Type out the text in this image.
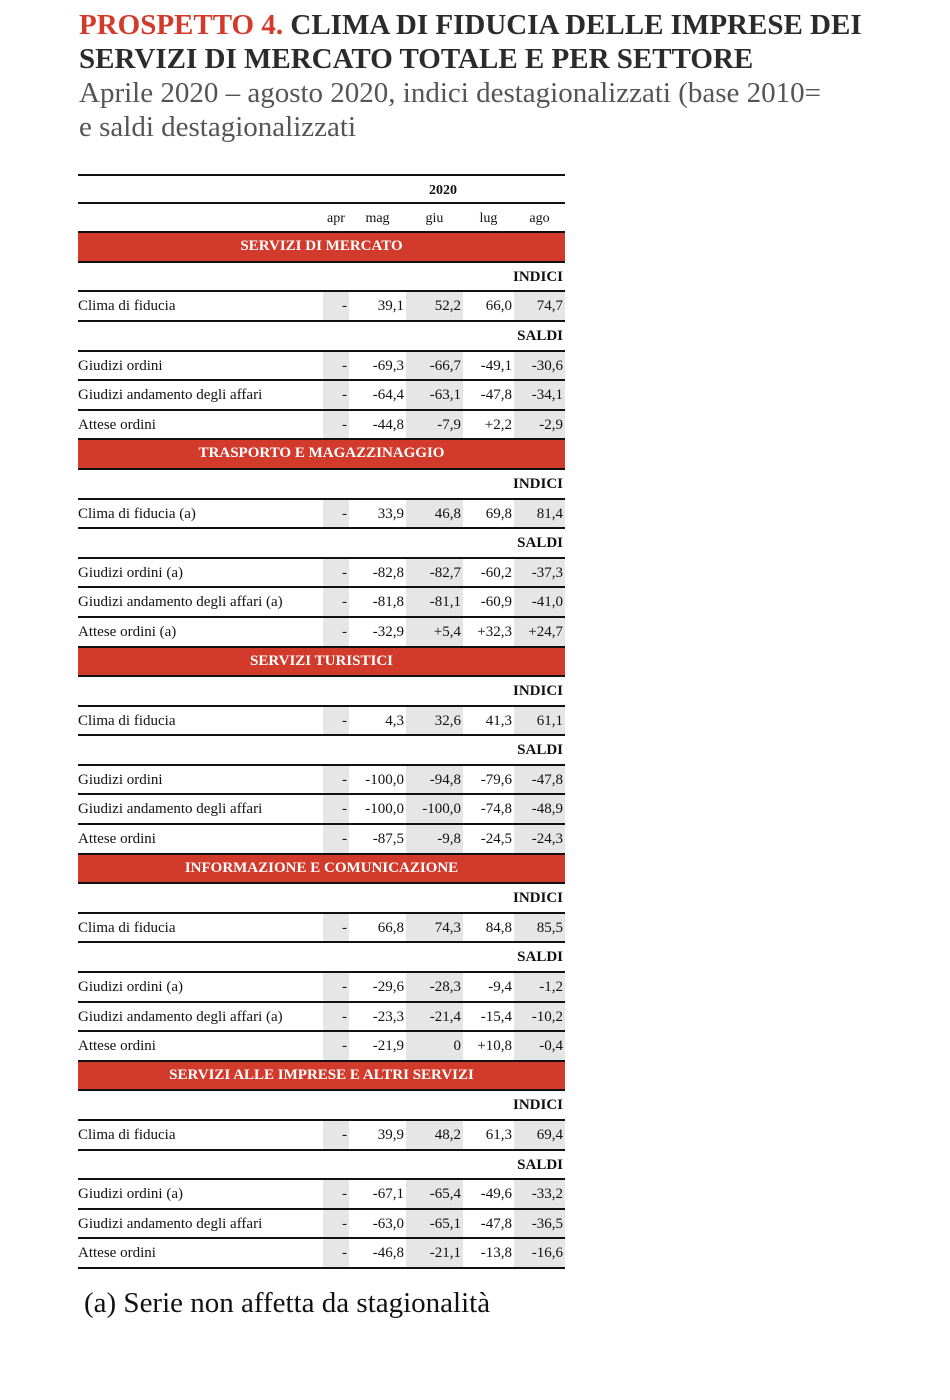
PROSPETTO 4. CLIMA DI FIDUCIA DELLE IMPRESE DEI
SERVIZI DI MERCATO TOTALE E PER SETTORE
Aprile 2020 – agosto 2020, indici destagionalizzati (base 2010=
e saldi destagionalizzati
2020
apr	mag	giu	lug	ago
SERVIZI DI MERCATO
INDICI
Clima di fiducia	-	39,1	52,2	66,0	74,7
SALDI
Giudizi ordini	-	-69,3	-66,7	-49,1	-30,6
Giudizi andamento degli affari	-	-64,4	-63,1	-47,8	-34,1
Attese ordini	-	-44,8	-7,9	+2,2	-2,9
TRASPORTO E MAGAZZINAGGIO
INDICI
Clima di fiducia (a)	-	33,9	46,8	69,8	81,4
SALDI
Giudizi ordini (a)	-	-82,8	-82,7	-60,2	-37,3
Giudizi andamento degli affari (a)	-	-81,8	-81,1	-60,9	-41,0
Attese ordini (a)	-	-32,9	+5,4	+32,3	+24,7
SERVIZI TURISTICI
INDICI
Clima di fiducia	-	4,3	32,6	41,3	61,1
SALDI
Giudizi ordini	-	-100,0	-94,8	-79,6	-47,8
Giudizi andamento degli affari	-	-100,0	-100,0	-74,8	-48,9
Attese ordini	-	-87,5	-9,8	-24,5	-24,3
INFORMAZIONE E COMUNICAZIONE
INDICI
Clima di fiducia	-	66,8	74,3	84,8	85,5
SALDI
Giudizi ordini (a)	-	-29,6	-28,3	-9,4	-1,2
Giudizi andamento degli affari (a)	-	-23,3	-21,4	-15,4	-10,2
Attese ordini	-	-21,9	0	+10,8	-0,4
SERVIZI ALLE IMPRESE E ALTRI SERVIZI
INDICI
Clima di fiducia	-	39,9	48,2	61,3	69,4
SALDI
Giudizi ordini (a)	-	-67,1	-65,4	-49,6	-33,2
Giudizi andamento degli affari	-	-63,0	-65,1	-47,8	-36,5
Attese ordini	-	-46,8	-21,1	-13,8	-16,6
(a) Serie non affetta da stagionalità
